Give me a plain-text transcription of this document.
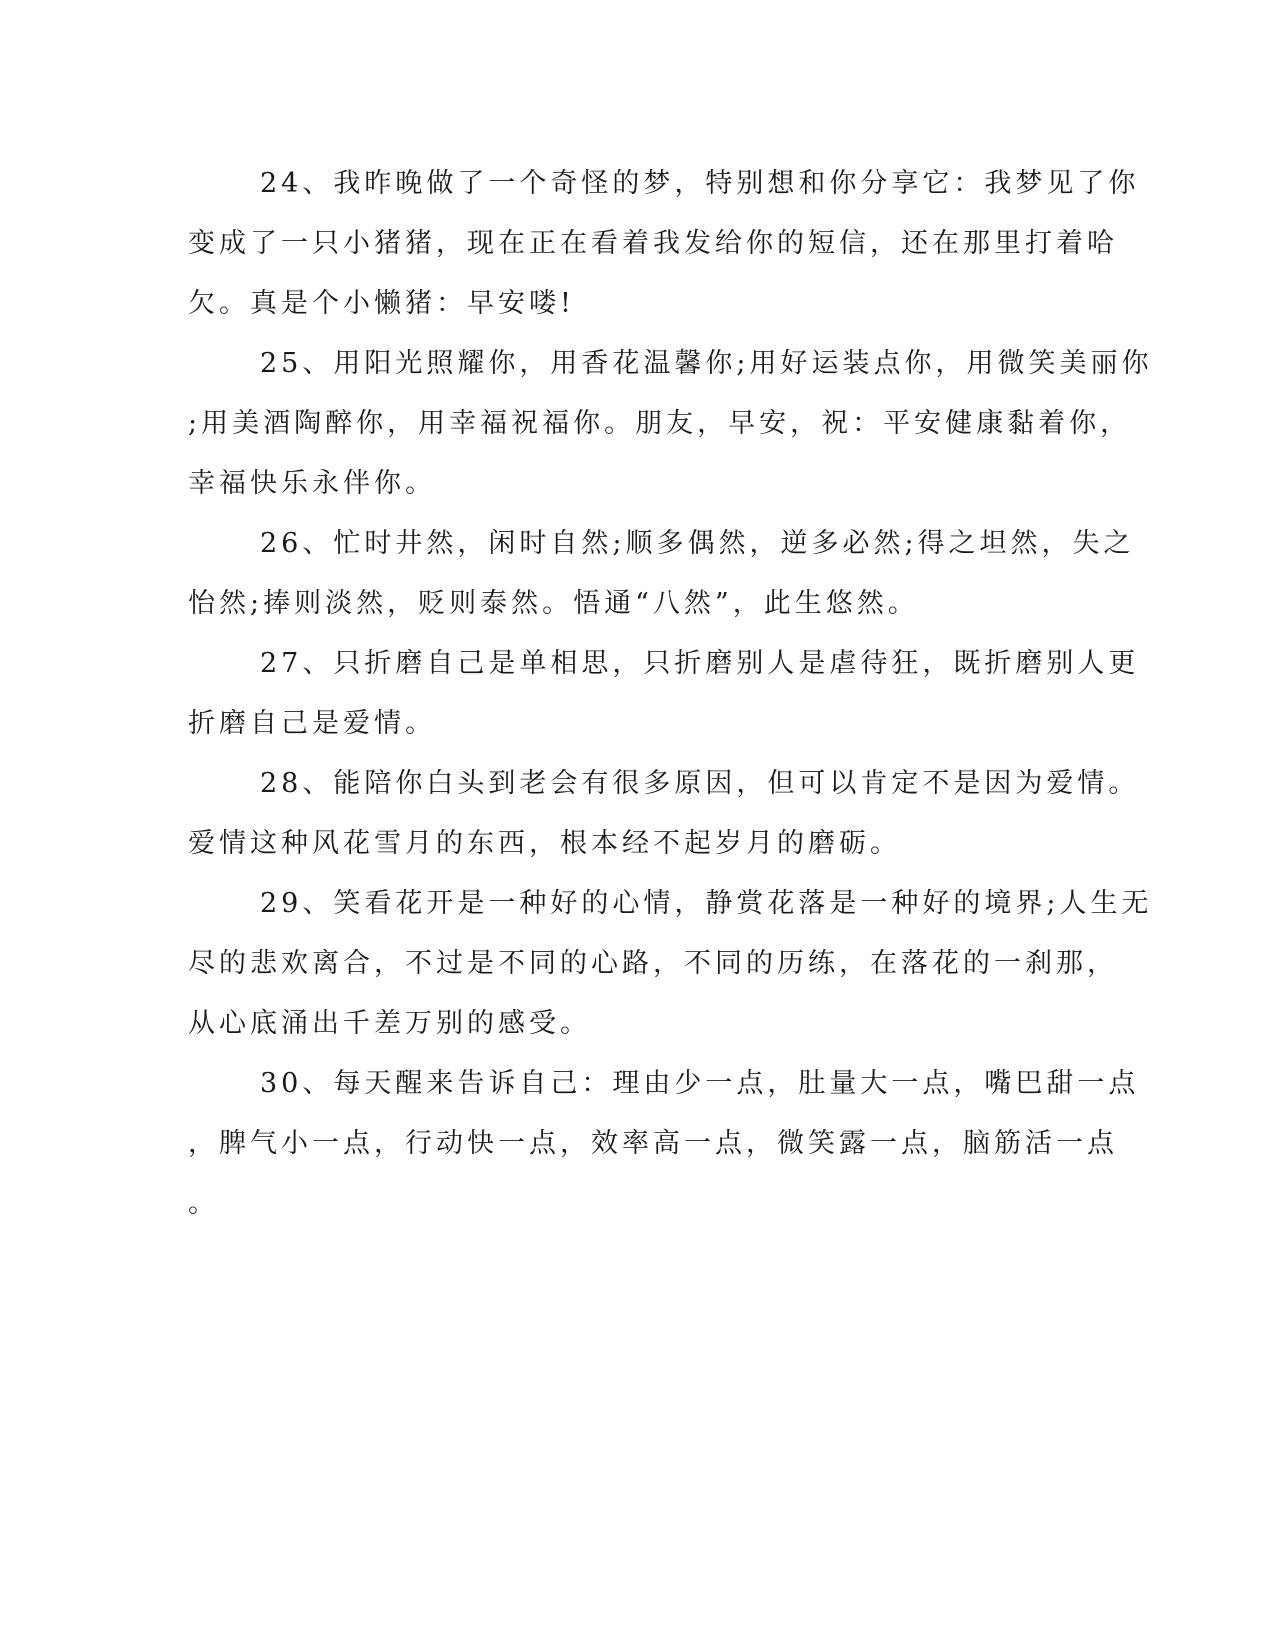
24、我昨晚做了一个奇怪的梦，特别想和你分享它：我梦见了你
变成了一只小猪猪，现在正在看着我发给你的短信，还在那里打着哈
欠。真是个小懒猪：早安喽!
25、用阳光照耀你，用香花温馨你;用好运装点你，用微笑美丽你
;用美酒陶醉你，用幸福祝福你。朋友，早安，祝：平安健康黏着你，
幸福快乐永伴你。
26、忙时井然，闲时自然;顺多偶然，逆多必然;得之坦然，失之
怡然;捧则淡然，贬则泰然。悟通“八然”，此生悠然。
27、只折磨自己是单相思，只折磨别人是虐待狂，既折磨别人更
折磨自己是爱情。
28、能陪你白头到老会有很多原因，但可以肯定不是因为爱情。
爱情这种风花雪月的东西，根本经不起岁月的磨砺。
29、笑看花开是一种好的心情，静赏花落是一种好的境界;人生无
尽的悲欢离合，不过是不同的心路，不同的历练，在落花的一刹那，
从心底涌出千差万别的感受。
30、每天醒来告诉自己：理由少一点，肚量大一点，嘴巴甜一点
，脾气小一点，行动快一点，效率高一点，微笑露一点，脑筋活一点
。
